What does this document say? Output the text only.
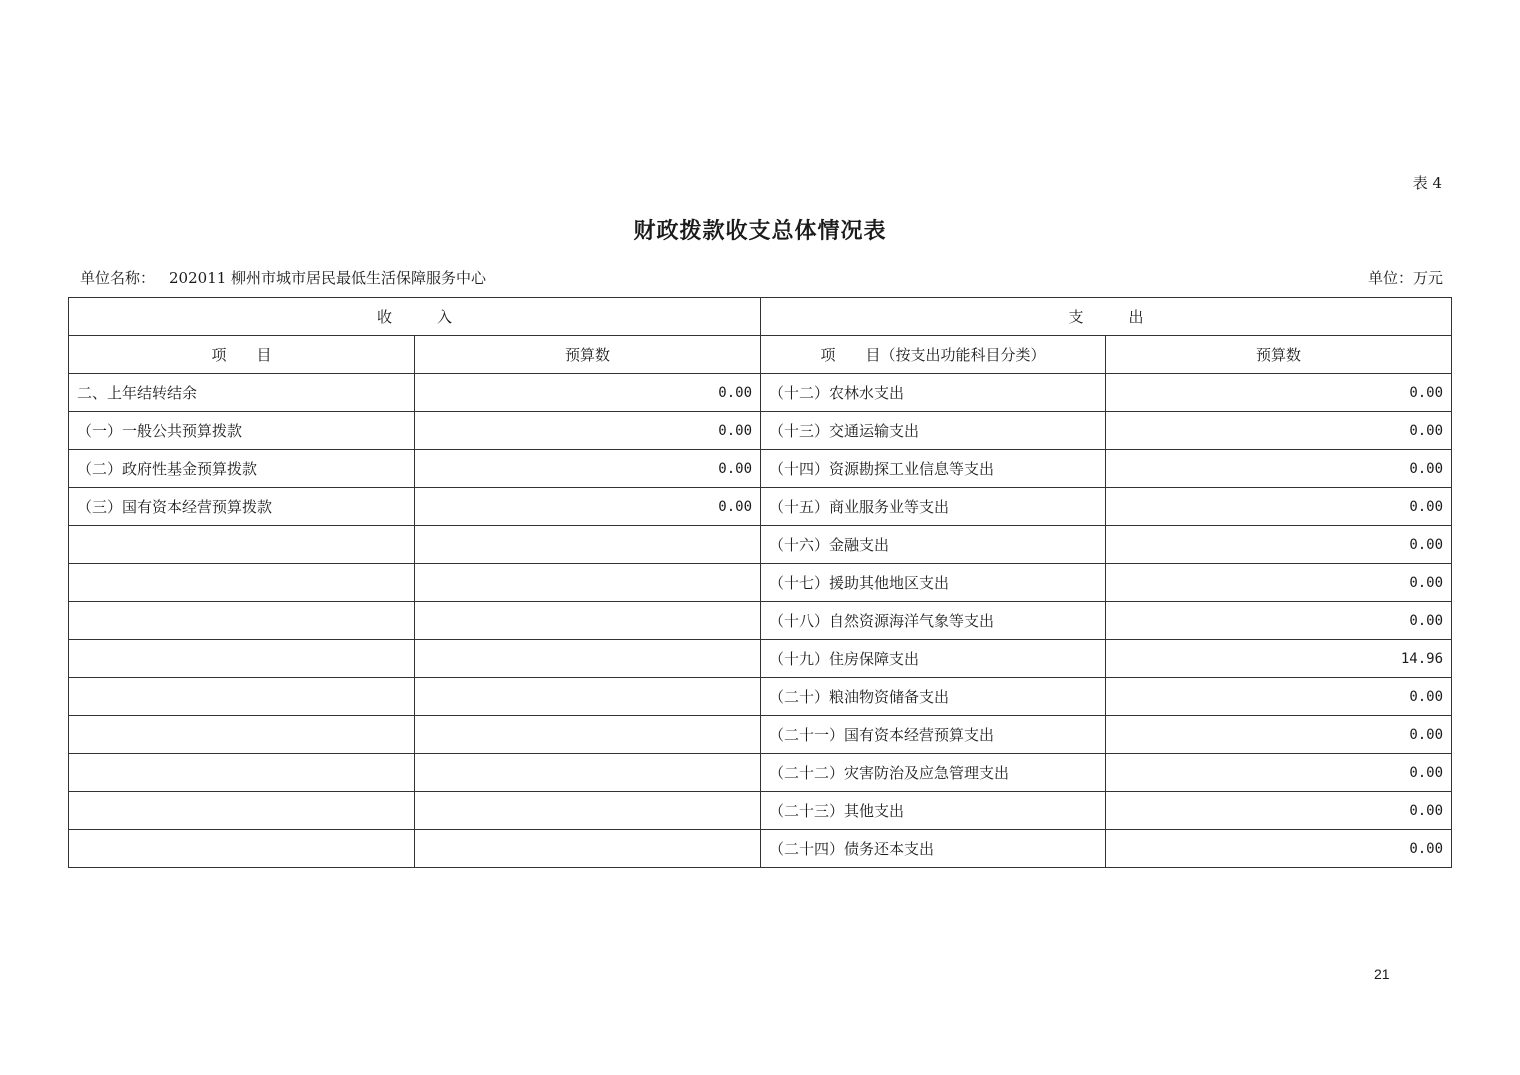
表 4
财政拨款收支总体情况表
单位名称： 202011 柳州市城市居民最低生活保障服务中心	单位：万元
收　　　入		支　　　出	
项　　目	预算数	项　　目（按支出功能科目分类）	预算数
二、上年结转结余	0.00	（十二）农林水支出	0.00
（一）一般公共预算拨款	0.00	（十三）交通运输支出	0.00
（二）政府性基金预算拨款	0.00	（十四）资源勘探工业信息等支出	0.00
（三）国有资本经营预算拨款	0.00	（十五）商业服务业等支出	0.00
		（十六）金融支出	0.00
		（十七）援助其他地区支出	0.00
		（十八）自然资源海洋气象等支出	0.00
		（十九）住房保障支出	14.96
		（二十）粮油物资储备支出	0.00
		（二十一）国有资本经营预算支出	0.00
		（二十二）灾害防治及应急管理支出	0.00
		（二十三）其他支出	0.00
		（二十四）债务还本支出	0.00
21
